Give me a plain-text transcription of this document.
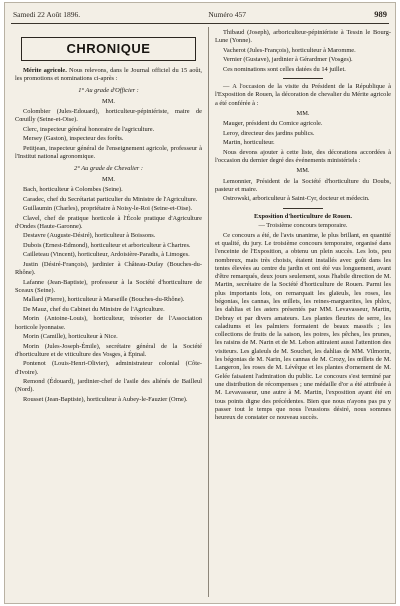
Samedi 22 Août 1896.	Numéro 457	989
CHRONIQUE

Mérite agricole. Nous relevons, dans le Journal officiel du 15 août, les promotions et nominations ci-après :

1° Au grade d'Officier :
MM.

Colombier (Jules-Edouard), horticulteur-pépiniériste, maire de Cœuilly (Seine-et-Oise).

Clerc, inspecteur général honoraire de l'agriculture.

Mersey (Gaston), inspecteur des forêts.

Petitjean, inspecteur général de l'enseignement agricole, professeur à l'Institut national agronomique.

2° Au grade de Chevalier :
MM.

Bach, horticulteur à Colombes (Seine).

Caradec, chef du Secrétariat particulier du Ministre de l'Agriculture.

Guillaumin (Charles), propriétaire à Noisy-le-Roi (Seine-et-Oise).

Clavel, chef de pratique horticole à l'École pratique d'Agriculture d'Ondes (Haute-Garonne).

Destavre (Auguste-Désiré), horticulteur à Boissons.

Dubois (Ernest-Edmond), horticulteur et arboriculteur à Chartres.

Cailleteau (Vincent), horticulteur, Ardoisière-Paradis, à Limoges.

Justin (Désiré-François), jardinier à Château-Dufay (Bouches-du-Rhône).

Lafanne (Jean-Baptiste), professeur à la Société d'horticulture de Sceaux (Seine).

Mallard (Pierre), horticulteur à Marseille (Bouches-du-Rhône).

De Mauz, chef du Cabinet du Ministre de l'Agriculture.

Morin (Antoine-Louis), horticulteur, trésorier de l'Association horticole lyonnaise.

Morin (Camille), horticulteur à Nice.

Morin (Jules-Joseph-Émile), secrétaire général de la Société d'horticulture et de viticulture des Vosges, à Épinal.

Pontenot (Louis-Henri-Olivier), administrateur colonial (Côte-d'Ivoire).

Remond (Édouard), jardinier-chef de l'asile des aliénés de Bailleul (Nord).

Rousset (Jean-Baptiste), horticulteur à Aubey-le-Fauzier (Orne).

Thibaud (Joseph), arboriculteur-pépiniériste à Tessin le Bourg-Lune (Yonne).

Vacherot (Jules-François), horticulteur à Maromme.

Vernier (Gustave), jardinier à Gérardmer (Vosges).

Ces nominations sont celles datées du 14 juillet.

— A l'occasion de la visite du Président de la République à l'Exposition de Rouen, la décoration de chevalier du Mérite agricole a été conférée à :

MM.

Mauger, président du Comice agricole.

Leroy, directeur des jardins publics.

Martin, horticulteur.

Nous devons ajouter à cette liste, des décorations accordées à l'occasion du dernier degré des événements ministériels :

MM.

Lemonnier, Président de la Société d'horticulture du Doubs, pasteur et maire.

Ostrowski, arboriculteur à Saint-Cyr, docteur et médecin.

Exposition d'horticulture de Rouen.

— Troisième concours temporaire.

Ce concours a été, de l'avis unanime, le plus brillant, en quantité et qualité, du jury. Le troisième concours temporaire, organisé dans l'enceinte de l'Exposition, a obtenu un plein succès. Les lots, peu nombreux, mais très choisis, étaient installés avec goût dans les tentes élevées au centre du jardin et ont été vus longuement, avant d'être remarqués, deux jours seulement, sous l'habile direction de M. Martin, secrétaire de la Société d'horticulture de Rouen. Parmi les plus importants lots, on remarquait les glaïeuls, les roses, les bégonias, les cannas, les œillets, les reines-marguerites, les phlox, les dahlias et les asters présentés par MM. Levavasseur, Martin, Debray et par divers amateurs. Les plantes fleuries de serre, les caladiums et les palmiers formaient de beaux massifs ; les collections de fruits de la saison, les poires, les pêches, les prunes, les raisins de M. Narin et de M. Lebon attiraient aussi l'attention des visiteurs. Les glaïeuls de M. Souchet, les dahlias de MM. Vilmorin, les bégonias de M. Narin, les cannas de M. Crozy, les œillets de M. Langeron, les roses de M. Lévêque et les plantes d'ornement de M. Gelée faisaient l'admiration du public. Le concours s'est terminé par une distribution de récompenses ; une médaille d'or a été attribuée à M. Levavasseur, une autre à M. Martin, l'exposition ayant été en tous points digne des précédentes. Bien que nous n'ayons pas pu y passer tout le temps que nous l'eussions désiré, nous sommes heureux de constater ce nouveau succès.
